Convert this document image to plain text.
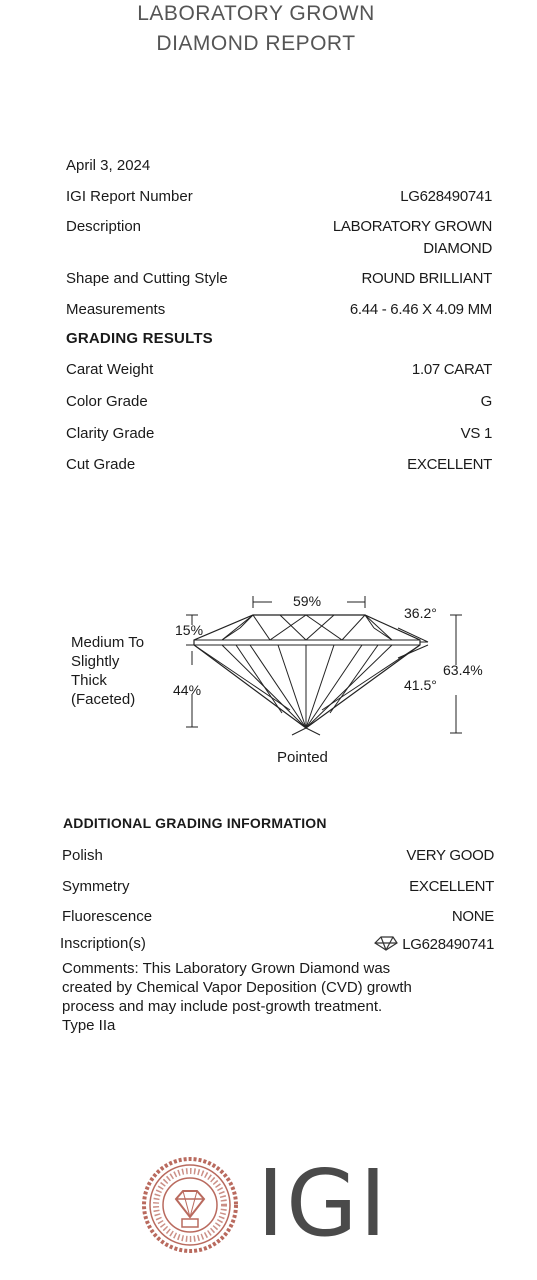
LABORATORY GROWN
DIAMOND REPORT
April 3, 2024
IGI Report Number	LG628490741
Description	LABORATORY GROWN
DIAMOND
Shape and Cutting Style	ROUND BRILLIANT
Measurements	6.44 - 6.46 X 4.09 MM
GRADING RESULTS
Carat Weight	1.07 CARAT
Color Grade	G
Clarity Grade	VS 1
Cut Grade	EXCELLENT
59%
15%
44%
36.2°
41.5°
63.4%
Pointed
Medium To
Slightly
Thick
(Faceted)
ADDITIONAL GRADING INFORMATION
Polish	VERY GOOD
Symmetry	EXCELLENT
Fluorescence	NONE
Inscription(s)	LG628490741
Comments: This Laboratory Grown Diamond was
created by Chemical Vapor Deposition (CVD) growth
process and may include post-growth treatment.
Type IIa
IGI
